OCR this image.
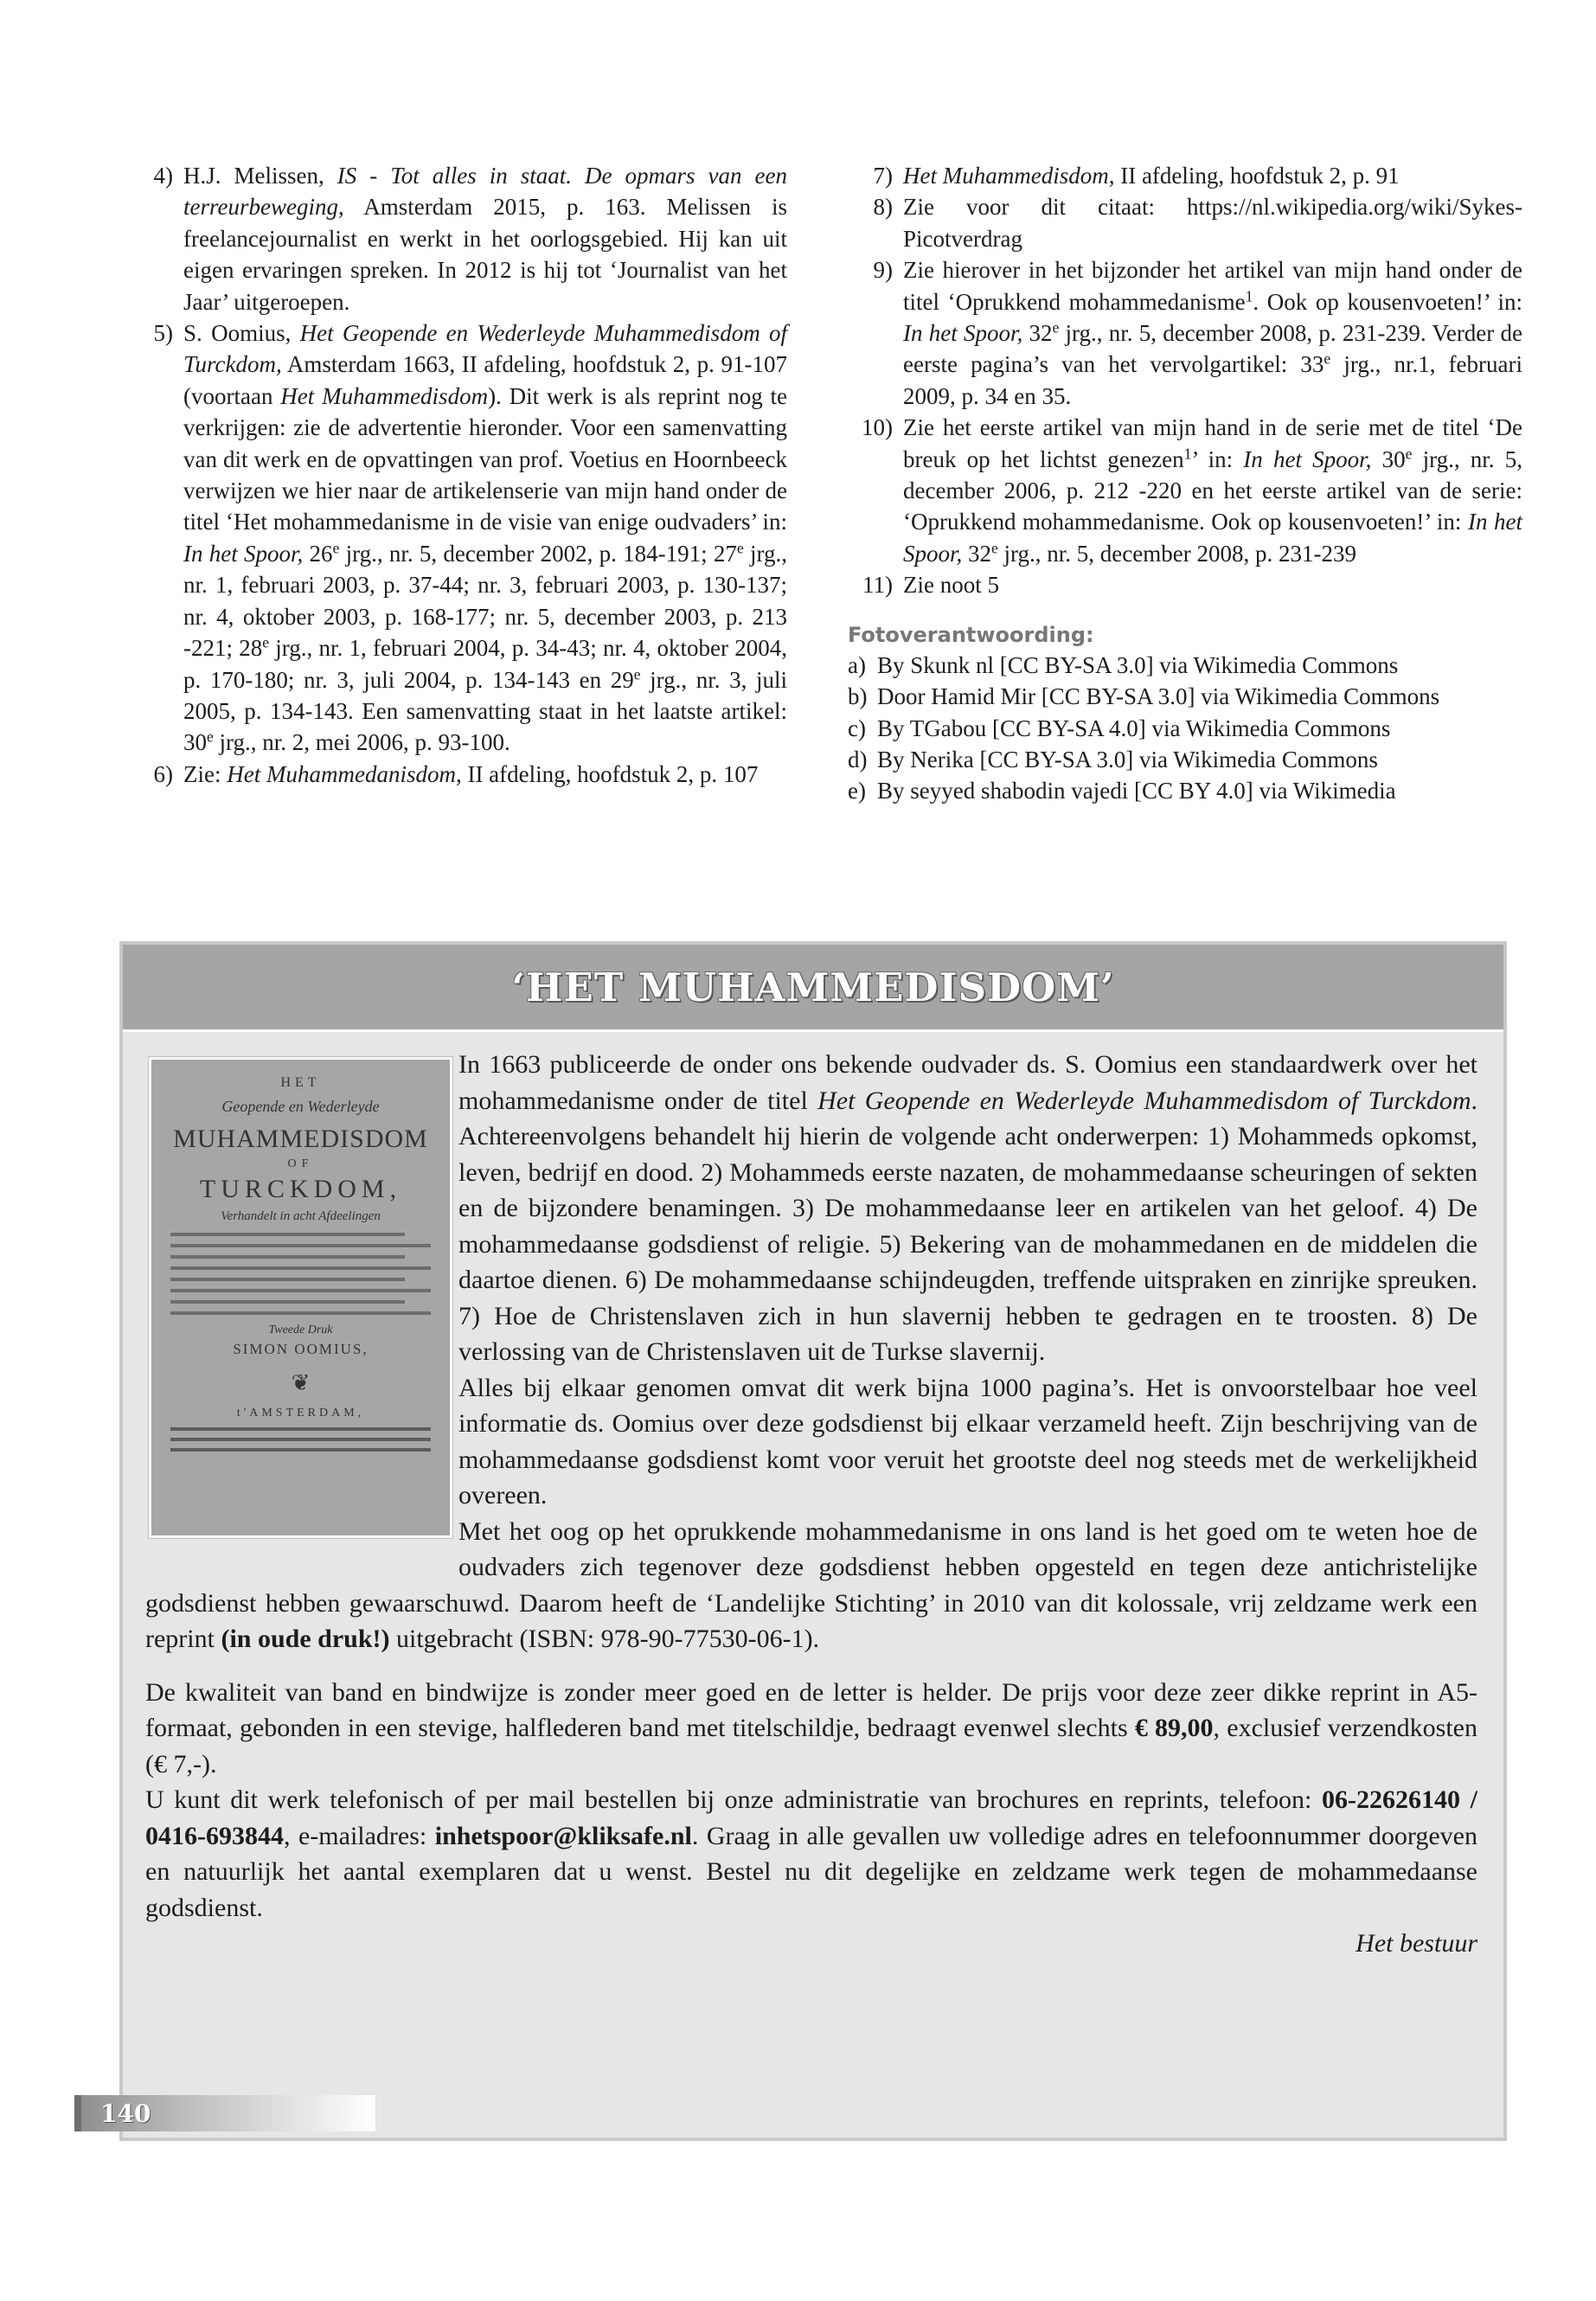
4) H.J. Melissen, IS - Tot alles in staat. De opmars van een terreurbeweging, Amsterdam 2015, p. 163. Melissen is freelancejournalist en werkt in het oorlogsgebied. Hij kan uit eigen ervaringen spreken. In 2012 is hij tot ‘Journalist van het Jaar’ uitgeroepen.
5) S. Oomius, Het Geopende en Wederleyde Muhammedisdom of Turckdom, Amsterdam 1663, II afdeling, hoofdstuk 2, p. 91-107 (voortaan Het Muhammedisdom). Dit werk is als reprint nog te verkrijgen: zie de advertentie hieronder. Voor een samenvatting van dit werk en de opvattingen van prof. Voetius en Hoornbeeck verwijzen we hier naar de artikelenserie van mijn hand onder de titel ‘Het mohammedanisme in de visie van enige oudvaders’ in: In het Spoor, 26e jrg., nr. 5, december 2002, p. 184-191; 27e jrg., nr. 1, februari 2003, p. 37-44; nr. 3, februari 2003, p. 130-137; nr. 4, oktober 2003, p. 168-177; nr. 5, december 2003, p. 213 -221; 28e jrg., nr. 1, februari 2004, p. 34-43; nr. 4, oktober 2004, p. 170-180; nr. 3, juli 2004, p. 134-143 en 29e jrg., nr. 3, juli 2005, p. 134-143. Een samenvatting staat in het laatste artikel: 30e jrg., nr. 2, mei 2006, p. 93-100.
6) Zie: Het Muhammedanisdom, II afdeling, hoofdstuk 2, p. 107
7) Het Muhammedisdom, II afdeling, hoofdstuk 2, p. 91
8) Zie voor dit citaat: https://nl.wikipedia.org/wiki/Sykes-Picotverdrag
9) Zie hierover in het bijzonder het artikel van mijn hand onder de titel ‘Oprukkend mohammedanisme$^1$. Ook op kousenvoeten!’ in: In het Spoor, 32e jrg., nr. 5, december 2008, p. 231-239. Verder de eerste pagina’s van het vervolgartikel: 33e jrg., nr.1, februari 2009, p. 34 en 35.
10) Zie het eerste artikel van mijn hand in de serie met de titel ‘De breuk op het lichtst genezen$^1$’ in: In het Spoor, 30e jrg., nr. 5, december 2006, p. 212 -220 en het eerste artikel van de serie: ‘Oprukkend mohammedanisme. Ook op kousenvoeten!’ in: In het Spoor, 32e jrg., nr. 5, december 2008, p. 231-239
11) Zie noot 5
Fotoverantwoording:
a) By Skunk nl [CC BY-SA 3.0] via Wikimedia Commons
b) Door Hamid Mir [CC BY-SA 3.0] via Wikimedia Commons
c) By TGabou [CC BY-SA 4.0] via Wikimedia Commons
d) By Nerika [CC BY-SA 3.0] via Wikimedia Commons
e) By seyyed shabodin vajedi [CC BY 4.0] via Wikimedia
‘HET MUHAMMEDISDOM’
HET
Geopende en Wederleyde
MUHAMMEDISDOM
OF
TURCKDOM,
Verhandelt in acht Afdeelingen
Tweede Druk
SIMON OOMIUS,
❦
t'AMSTERDAM,

In 1663 publiceerde de onder ons bekende oudvader ds. S. Oomius een standaardwerk over het mohammedanisme onder de titel Het Geopende en Wederleyde Muhammedisdom of Turckdom. Achtereenvolgens behandelt hij hierin de volgende acht onderwerpen: 1) Mohammeds opkomst, leven, bedrijf en dood. 2) Mohammeds eerste nazaten, de mohammedaanse scheuringen of sekten en de bijzondere benamingen. 3) De mohammedaanse leer en artikelen van het geloof. 4) De mohammedaanse godsdienst of religie. 5) Bekering van de mohammedanen en de middelen die daartoe dienen. 6) De mohammedaanse schijndeugden, treffende uitspraken en zinrijke spreuken. 7) Hoe de Christenslaven zich in hun slavernij hebben te gedragen en te troosten. 8) De verlossing van de Christenslaven uit de Turkse slavernij.

Alles bij elkaar genomen omvat dit werk bijna 1000 pagina’s. Het is onvoorstelbaar hoe veel informatie ds. Oomius over deze godsdienst bij elkaar verzameld heeft. Zijn beschrijving van de mohammedaanse godsdienst komt voor veruit het grootste deel nog steeds met de werkelijkheid overeen.

Met het oog op het oprukkende mohammedanisme in ons land is het goed om te weten hoe de oudvaders zich tegenover deze godsdienst hebben opgesteld en tegen deze antichristelijke godsdienst hebben gewaarschuwd. Daarom heeft de ‘Landelijke Stichting’ in 2010 van dit kolossale, vrij zeldzame werk een reprint (in oude druk!) uitgebracht (ISBN: 978-90-77530-06-1).

De kwaliteit van band en bindwijze is zonder meer goed en de letter is helder. De prijs voor deze zeer dikke reprint in A5-formaat, gebonden in een stevige, halflederen band met titelschildje, bedraagt evenwel slechts € 89,00, exclusief verzendkosten (€ 7,-).

U kunt dit werk telefonisch of per mail bestellen bij onze administratie van brochures en reprints, telefoon: 06-22626140 / 0416-693844, e-mailadres: inhetspoor@kliksafe.nl. Graag in alle gevallen uw volledige adres en telefoonnummer doorgeven en natuurlijk het aantal exemplaren dat u wenst. Bestel nu dit degelijke en zeldzame werk tegen de mohammedaanse godsdienst.

Het bestuur

140
